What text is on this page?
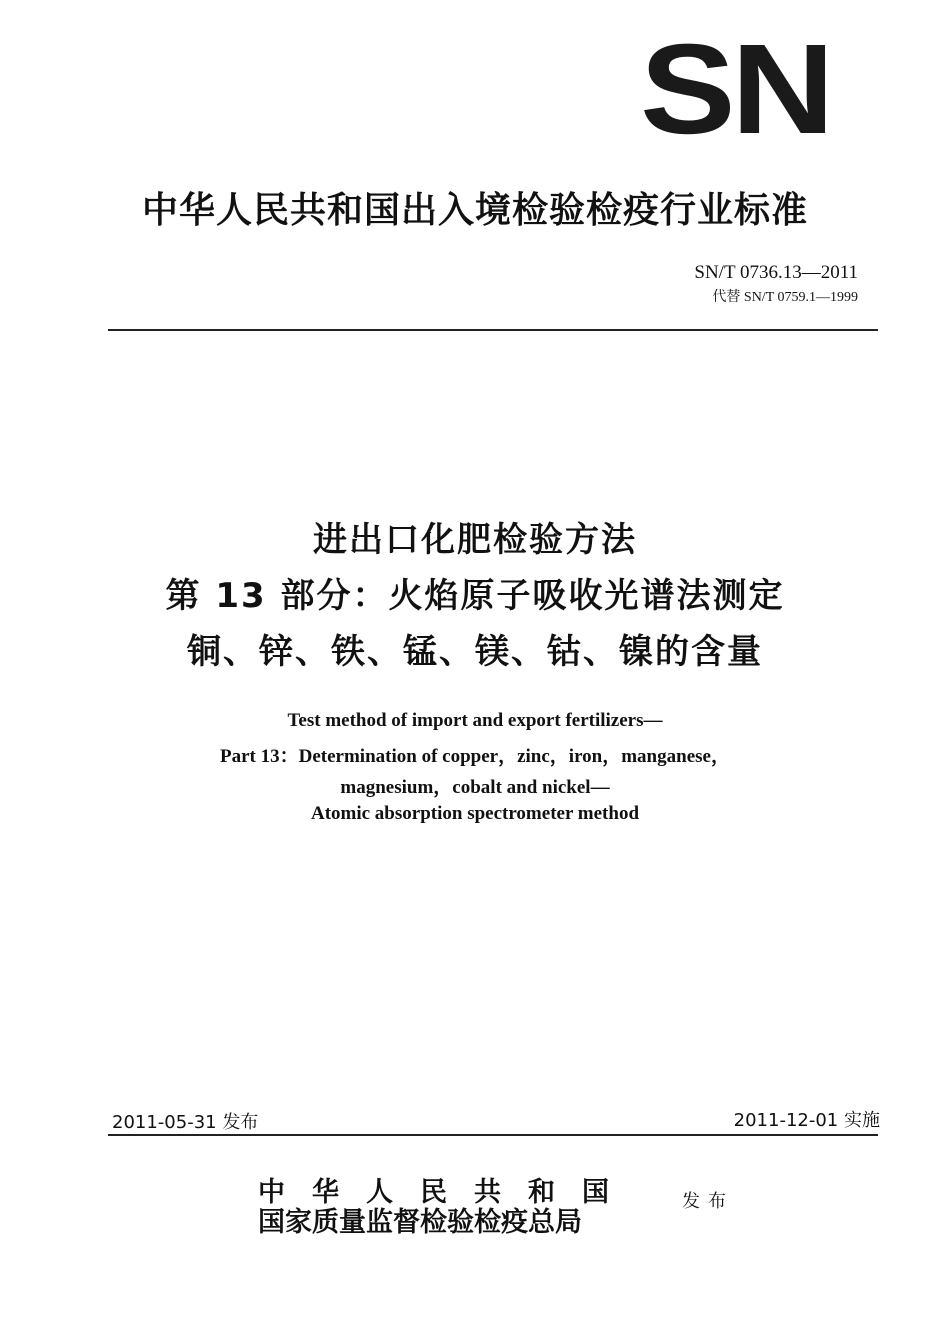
SN
中华人民共和国出入境检验检疫行业标准
SN/T 0736.13—2011
代替 SN/T 0759.1—1999
进出口化肥检验方法
第 13 部分：火焰原子吸收光谱法测定
铜、锌、铁、锰、镁、钴、镍的含量
Test method of import and export fertilizers—
Part 13：Determination of copper，zinc，iron，manganese，
magnesium，cobalt and nickel—
Atomic absorption spectrometer method
2011-05-31 发布	2011-12-01 实施
中华人民共和国
国家质量监督检验检疫总局
发布
